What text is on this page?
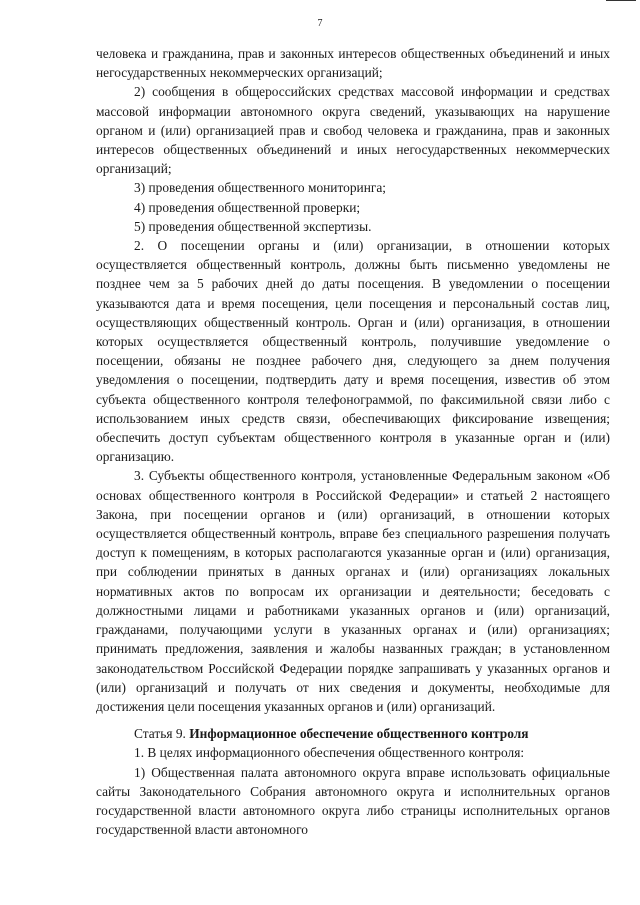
7

человека и гражданина, прав и законных интересов общественных объединений и иных негосударственных некоммерческих организаций;

2) сообщения в общероссийских средствах массовой информации и средствах массовой информации автономного округа сведений, указывающих на нарушение органом и (или) организацией прав и свобод человека и гражданина, прав и законных интересов общественных объединений и иных негосударственных некоммерческих организаций;

3) проведения общественного мониторинга;

4) проведения общественной проверки;

5) проведения общественной экспертизы.

2. О посещении органы и (или) организации, в отношении которых осуществляется общественный контроль, должны быть письменно уведомлены не позднее чем за 5 рабочих дней до даты посещения. В уведомлении о посещении указываются дата и время посещения, цели посещения и персональный состав лиц, осуществляющих общественный контроль. Орган и (или) организация, в отношении которых осуществляется общественный контроль, получившие уведомление о посещении, обязаны не позднее рабочего дня, следующего за днем получения уведомления о посещении, подтвердить дату и время посещения, известив об этом субъекта общественного контроля телефонограммой, по факсимильной связи либо с использованием иных средств связи, обеспечивающих фиксирование извещения; обеспечить доступ субъектам общественного контроля в указанные орган и (или) организацию.

3. Субъекты общественного контроля, установленные Федеральным законом «Об основах общественного контроля в Российской Федерации» и статьей 2 настоящего Закона, при посещении органов и (или) организаций, в отношении которых осуществляется общественный контроль, вправе без специального разрешения получать доступ к помещениям, в которых располагаются указанные орган и (или) организация, при соблюдении принятых в данных органах и (или) организациях локальных нормативных актов по вопросам их организации и деятельности; беседовать с должностными лицами и работниками указанных органов и (или) организаций, гражданами, получающими услуги в указанных органах и (или) организациях; принимать предложения, заявления и жалобы названных граждан; в установленном законодательством Российской Федерации порядке запрашивать у указанных органов и (или) организаций и получать от них сведения и документы, необходимые для достижения цели посещения указанных органов и (или) организаций.

Статья 9. Информационное обеспечение общественного контроля

1. В целях информационного обеспечения общественного контроля:

1) Общественная палата автономного округа вправе использовать официальные сайты Законодательного Собрания автономного округа и исполнительных органов государственной власти автономного округа либо страницы исполнительных органов государственной власти автономного
